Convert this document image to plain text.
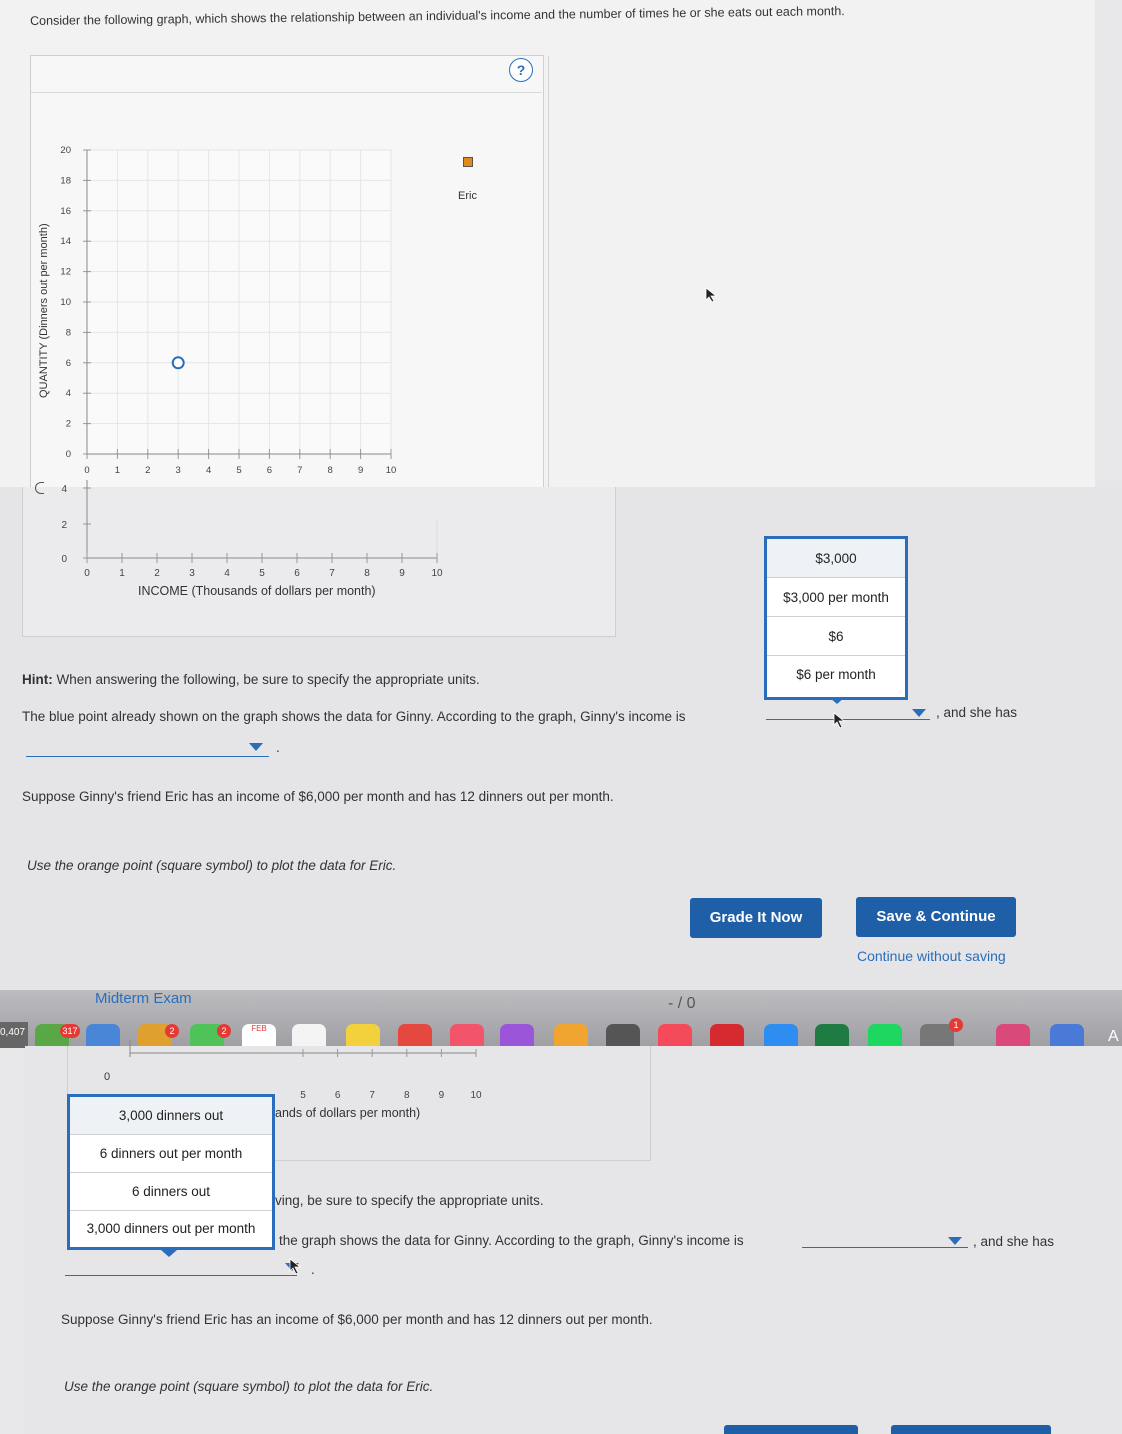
Consider the following graph, which shows the relationship between an individual's income and the number of times he or she eats out each month.
?
QUANTITY (Dinners out per month)
0	1	2	3	4	5	6	7	8	9 10
0
2
4
6
8
10
12
14
16
18
20
Eric
4
2
0
0	1	2	3	4	5	6	7	8	9	10
INCOME (Thousands of dollars per month)
Hint: When answering the following, be sure to specify the appropriate units.
The blue point already shown on the graph shows the data for Ginny. According to the graph, Ginny's income is	, and she has
.
Suppose Ginny's friend Eric has an income of $6,000 per month and has 12 dinners out per month.
Use the orange point (square symbol) to plot the data for Eric.
$3,000
$3,000 per month
$6
$6 per month
Grade It Now	Save & Continue
Continue without saving
Midterm Exam	- / 0
0,407	317	2	2	FEB	1
A
5	6	7	8	9	10
0
ands of dollars per month)
3,000 dinners out
6 dinners out per month
6 dinners out
3,000 dinners out per month
ving, be sure to specify the appropriate units.
the graph shows the data for Ginny. According to the graph, Ginny's income is	, and she has
.
Suppose Ginny's friend Eric has an income of $6,000 per month and has 12 dinners out per month.
Use the orange point (square symbol) to plot the data for Eric.
